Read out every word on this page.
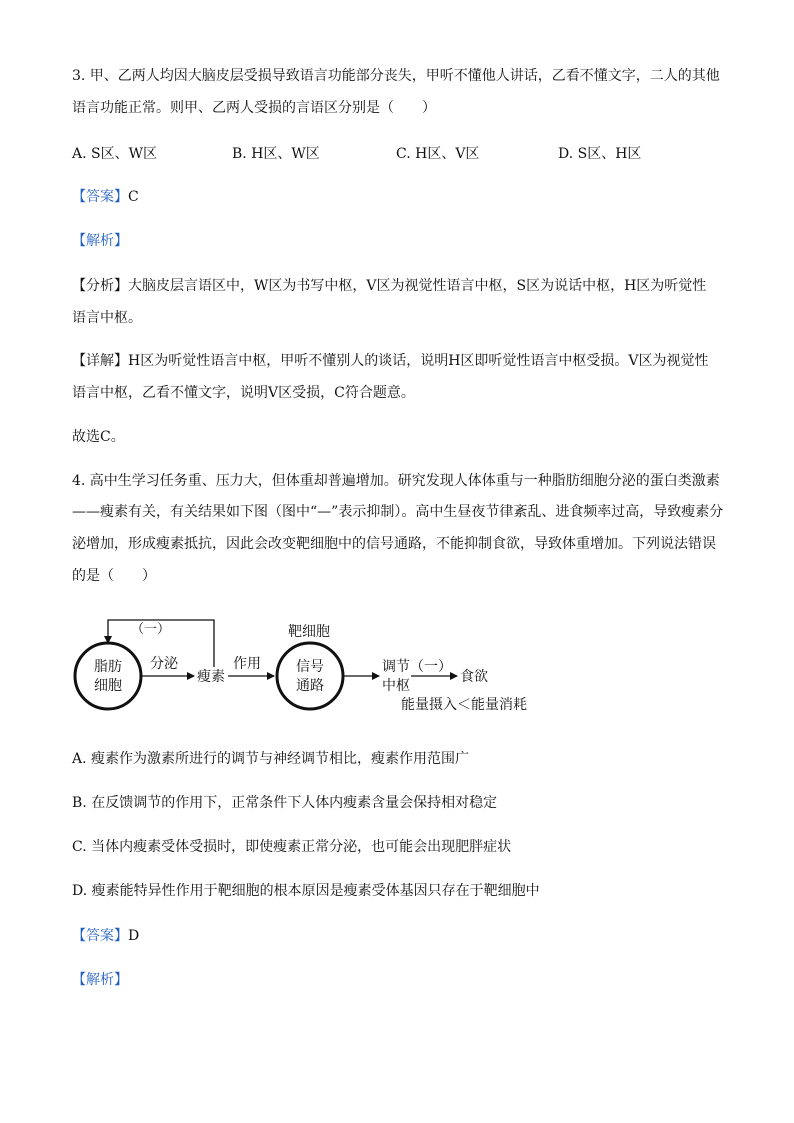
3. 甲、乙两人均因大脑皮层受损导致语言功能部分丧失，甲听不懂他人讲话，乙看不懂文字，二人的其他
语言功能正常。则甲、乙两人受损的言语区分别是（　　）
A. S区、W区	B. H区、W区	C. H区、V区	D. S区、H区
【答案】C
【解析】
【分析】大脑皮层言语区中，W区为书写中枢，V区为视觉性语言中枢，S区为说话中枢，H区为听觉性
语言中枢。
【详解】H区为听觉性语言中枢，甲听不懂别人的谈话，说明H区即听觉性语言中枢受损。V区为视觉性
语言中枢，乙看不懂文字，说明V区受损，C符合题意。
故选C。
4. 高中生学习任务重、压力大，但体重却普遍增加。研究发现人体体重与一种脂肪细胞分泌的蛋白类激素
——瘦素有关，有关结果如下图（图中“—”表示抑制）。高中生昼夜节律紊乱、进食频率过高，导致瘦素分
泌增加，形成瘦素抵抗，因此会改变靶细胞中的信号通路，不能抑制食欲，导致体重增加。下列说法错误
的是（　　）
（一）
脂肪
细胞
分泌
瘦素
作用
靶细胞
信号
通路
调节（一）
中枢
食欲
能量摄入＜能量消耗
A. 瘦素作为激素所进行的调节与神经调节相比，瘦素作用范围广
B. 在反馈调节的作用下，正常条件下人体内瘦素含量会保持相对稳定
C. 当体内瘦素受体受损时，即使瘦素正常分泌，也可能会出现肥胖症状
D. 瘦素能特异性作用于靶细胞的根本原因是瘦素受体基因只存在于靶细胞中
【答案】D
【解析】
